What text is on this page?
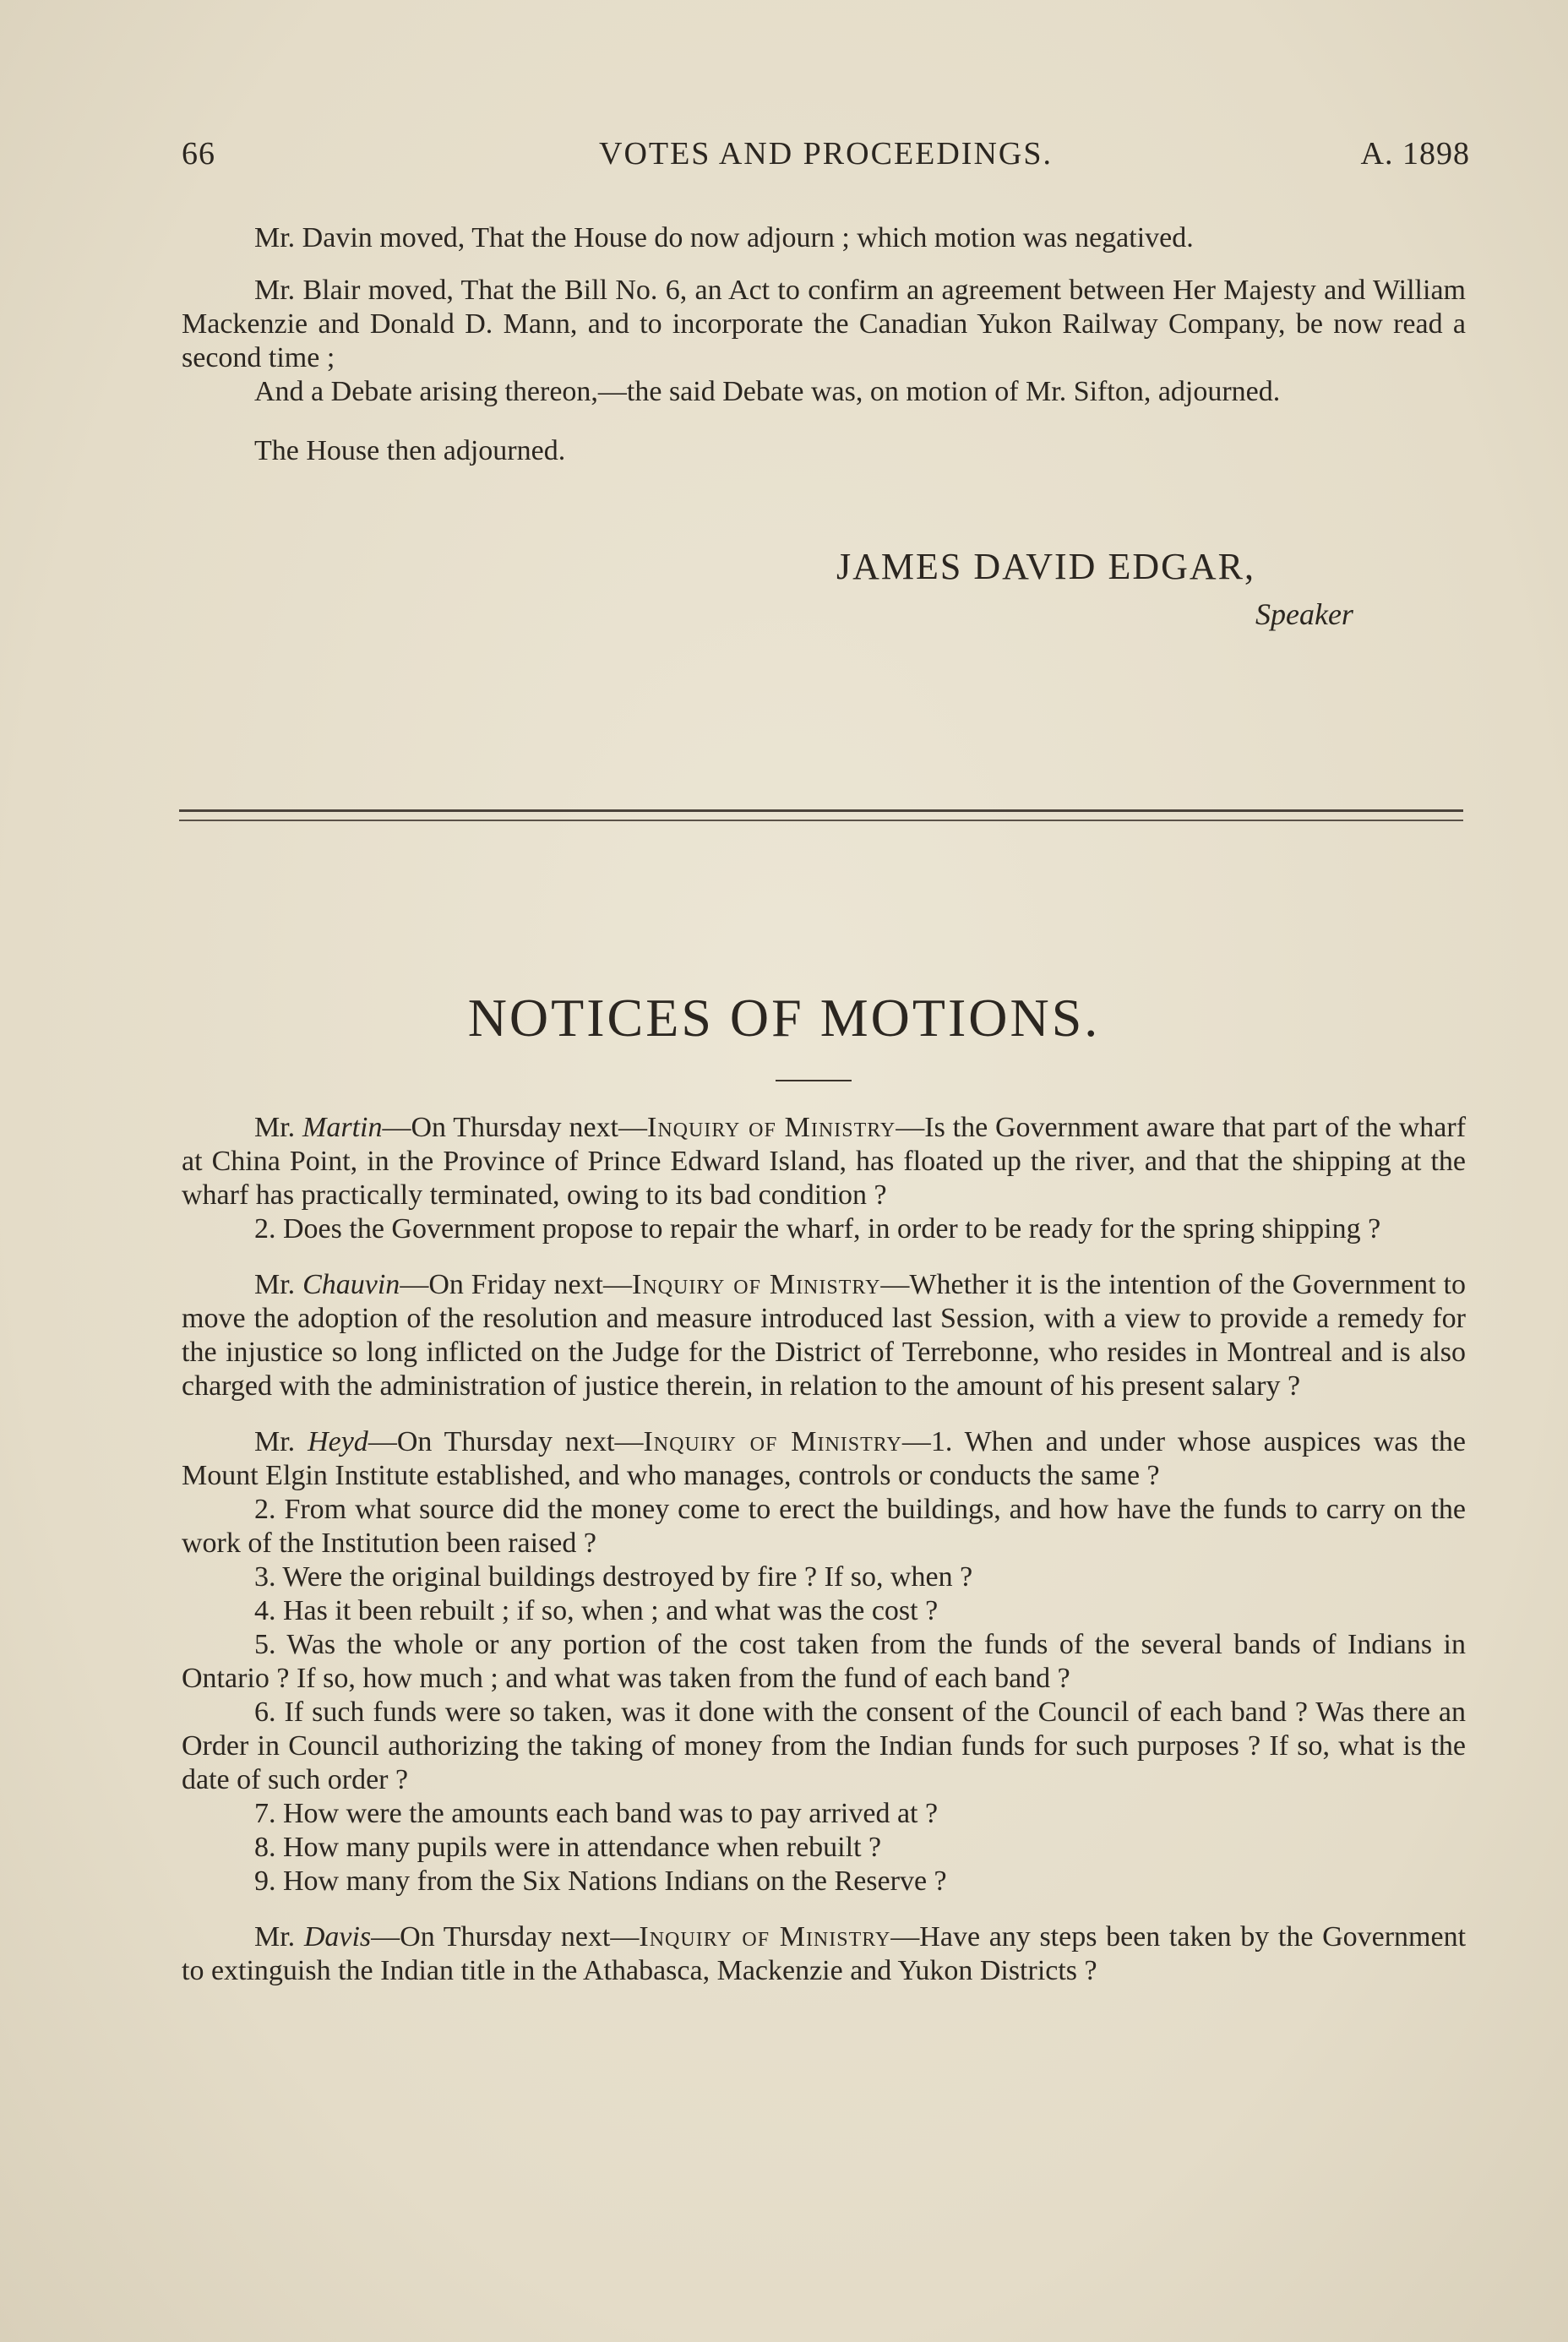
66	VOTES AND PROCEEDINGS.	A. 1898

Mr. Davin moved, That the House do now adjourn ; which motion was negatived.

Mr. Blair moved, That the Bill No. 6, an Act to confirm an agreement between Her Majesty and William Mackenzie and Donald D. Mann, and to incorporate the Canadian Yukon Railway Company, be now read a second time ;

And a Debate arising thereon,—the said Debate was, on motion of Mr. Sifton, adjourned.

The House then adjourned.

JAMES DAVID EDGAR,
Speaker
NOTICES OF MOTIONS.

Mr. Martin—On Thursday next—Inquiry of Ministry—Is the Government aware that part of the wharf at China Point, in the Province of Prince Edward Island, has floated up the river, and that the shipping at the wharf has practically terminated, owing to its bad condition ?

2. Does the Government propose to repair the wharf, in order to be ready for the spring shipping ?

Mr. Chauvin—On Friday next—Inquiry of Ministry—Whether it is the intention of the Government to move the adoption of the resolution and measure introduced last Session, with a view to provide a remedy for the injustice so long inflicted on the Judge for the District of Terrebonne, who resides in Montreal and is also charged with the administration of justice therein, in relation to the amount of his present salary ?

Mr. Heyd—On Thursday next—Inquiry of Ministry—1. When and under whose auspices was the Mount Elgin Institute established, and who manages, controls or conducts the same ?

2. From what source did the money come to erect the buildings, and how have the funds to carry on the work of the Institution been raised ?

3. Were the original buildings destroyed by fire ? If so, when ?

4. Has it been rebuilt ; if so, when ; and what was the cost ?

5. Was the whole or any portion of the cost taken from the funds of the several bands of Indians in Ontario ? If so, how much ; and what was taken from the fund of each band ?

6. If such funds were so taken, was it done with the consent of the Council of each band ? Was there an Order in Council authorizing the taking of money from the Indian funds for such purposes ? If so, what is the date of such order ?

7. How were the amounts each band was to pay arrived at ?

8. How many pupils were in attendance when rebuilt ?

9. How many from the Six Nations Indians on the Reserve ?

Mr. Davis—On Thursday next—Inquiry of Ministry—Have any steps been taken by the Government to extinguish the Indian title in the Athabasca, Mackenzie and Yukon Districts ?
